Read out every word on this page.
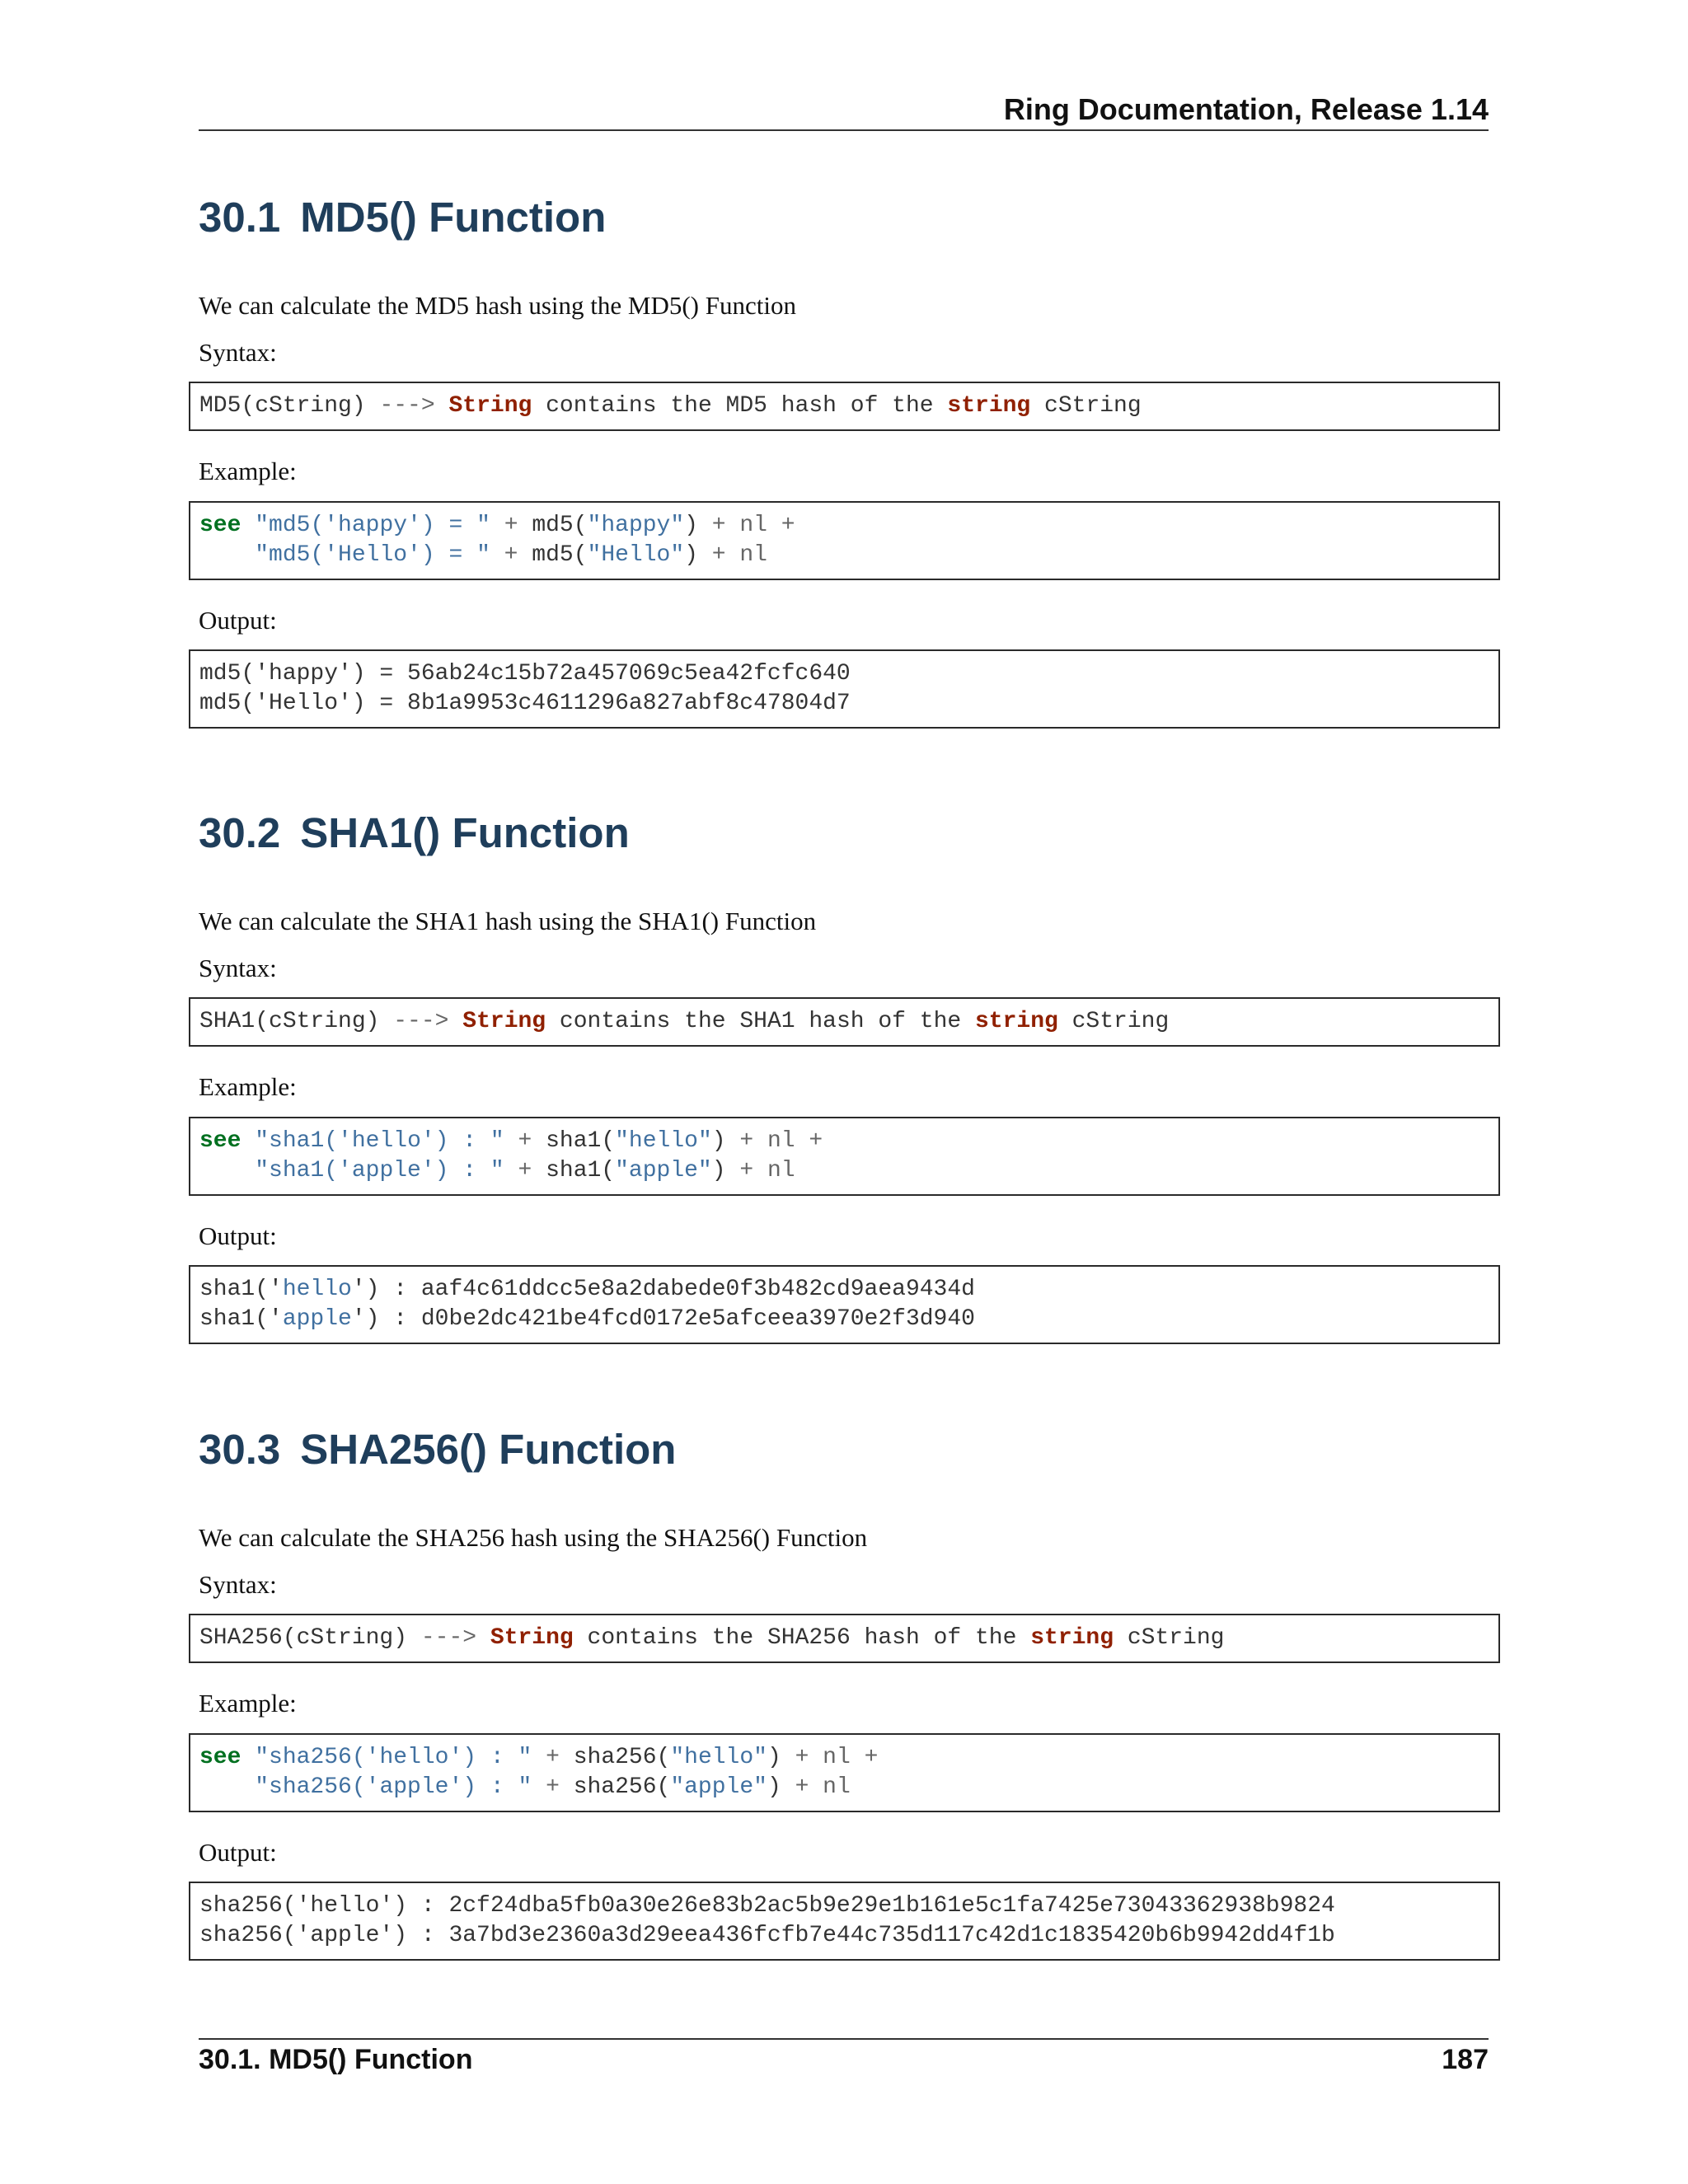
Ring Documentation, Release 1.14
30.1 MD5() Function

We can calculate the MD5 hash using the MD5() Function

Syntax:

MD5(cString) ---> String contains the MD5 hash of the string cString

Example:

see "md5('happy') = " + md5("happy") + nl +
"md5('Hello') = " + md5("Hello") + nl

Output:

md5('happy') = 56ab24c15b72a457069c5ea42fcfc640
md5('Hello') = 8b1a9953c4611296a827abf8c47804d7
30.2 SHA1() Function

We can calculate the SHA1 hash using the SHA1() Function

Syntax:

SHA1(cString) ---> String contains the SHA1 hash of the string cString

Example:

see "sha1('hello') : " + sha1("hello") + nl +
"sha1('apple') : " + sha1("apple") + nl

Output:

sha1('hello') : aaf4c61ddcc5e8a2dabede0f3b482cd9aea9434d
sha1('apple') : d0be2dc421be4fcd0172e5afceea3970e2f3d940
30.3 SHA256() Function

We can calculate the SHA256 hash using the SHA256() Function

Syntax:

SHA256(cString) ---> String contains the SHA256 hash of the string cString

Example:

see "sha256('hello') : " + sha256("hello") + nl +
"sha256('apple') : " + sha256("apple") + nl

Output:

sha256('hello') : 2cf24dba5fb0a30e26e83b2ac5b9e29e1b161e5c1fa7425e73043362938b9824
sha256('apple') : 3a7bd3e2360a3d29eea436fcfb7e44c735d117c42d1c1835420b6b9942dd4f1b
30.1. MD5() Function	187
